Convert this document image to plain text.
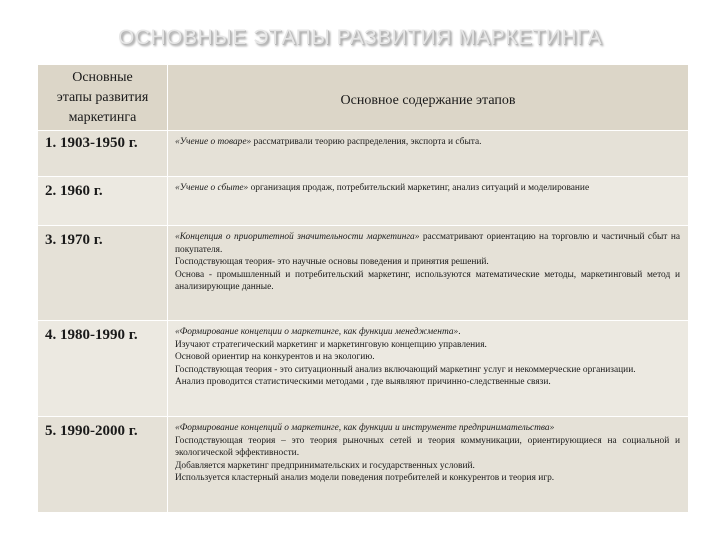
ОСНОВНЫЕ ЭТАПЫ РАЗВИТИЯ МАРКЕТИНГА
Основные
этапы развития
маркетинга	Основное содержание этапов
1. 1903-1950 г.	«Учение о товаре» рассматривали теорию распределения, экспорта и сбыта.

2. 1960 г.	«Учение о сбыте» организация продаж, потребительский маркетинг, анализ ситуаций и моделирование

3. 1970 г.	«Концепция о приоритетной значительности маркетинга» рассматривают ориентацию на торговлю и частичный сбыт на покупателя.
Господствующая теория- это научные основы поведения и принятия решений.
Основа - промышленный и потребительский маркетинг, используются математические методы, маркетинговый метод и анализирующие данные.

4. 1980-1990 г.	«Формирование концепции о маркетинге, как функции менеджмента».
Изучают стратегический маркетинг и маркетинговую концепцию управления.
Основой ориентир на конкурентов и на экологию.
Господствующая теория - это ситуационный анализ включающий маркетинг услуг и некоммерческие организации.
Анализ проводится статистическими методами , где выявляют причинно-следственные связи.

5. 1990-2000 г.	«Формирование концепций о маркетинге, как функции и инструменте предпринимательства»
Господствующая теория – это теория рыночных сетей и теория коммуникации, ориентирующиеся на социальной и экологической эффективности.
Добавляется маркетинг предпринимательских и государственных условий.
Используется кластерный анализ модели поведения потребителей и конкурентов и теория игр.
